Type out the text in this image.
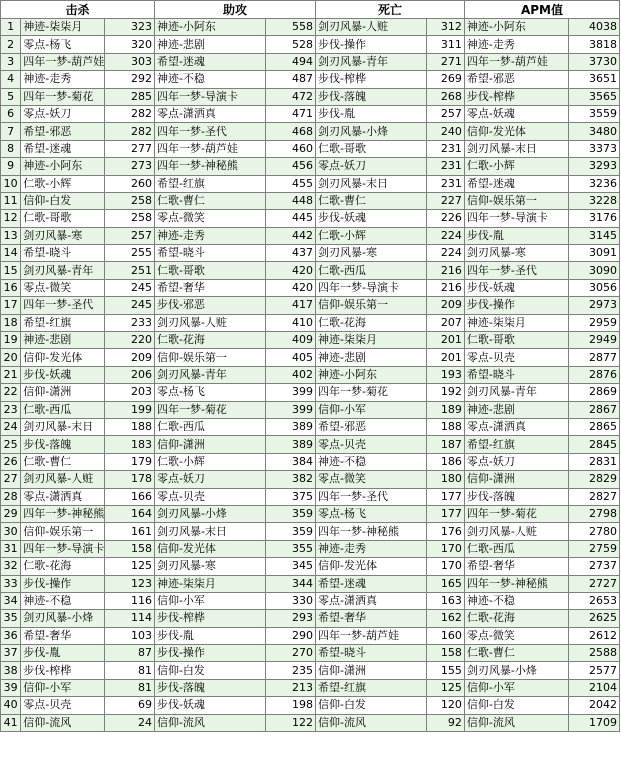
击杀			助攻		死亡		APM值	
1	神迹-柒柒月	323	神迹-小阿东	558	剑刃风暴-人赃	312	神迹-小阿东	4038
2	零点-杨飞	320	神迹-悲剧	528	步伐-操作	311	神迹-走秀	3818
3	四年一梦-葫芦娃	303	希望-迷魂	494	剑刃风暴-青年	271	四年一梦-葫芦娃	3730
4	神迹-走秀	292	神迹-不稳	487	步伐-榨桦	269	希望-邪恶	3651
5	四年一梦-菊花	285	四年一梦-导演卡	472	步伐-落魄	268	步伐-榨桦	3565
6	零点-妖刀	282	零点-潇洒真	471	步伐-胤	257	零点-妖魂	3559
7	希望-邪恶	282	四年一梦-圣代	468	剑刃风暴-小烽	240	信仰-发光体	3480
8	希望-迷魂	277	四年一梦-葫芦娃	460	仁歌-哥歌	231	剑刃风暴-末日	3373
9	神迹-小阿东	273	四年一梦-神秘熊	456	零点-妖刀	231	仁歌-小辉	3293
10	仁歌-小辉	260	希望-红旗	455	剑刃风暴-末日	231	希望-迷魂	3236
11	信仰-白发	258	仁歌-曹仁	448	仁歌-曹仁	227	信仰-娱乐第一	3228
12	仁歌-哥歌	258	零点-微笑	445	步伐-妖魂	226	四年一梦-导演卡	3176
13	剑刃风暴-寒	257	神迹-走秀	442	仁歌-小辉	224	步伐-胤	3145
14	希望-晓斗	255	希望-晓斗	437	剑刃风暴-寒	224	剑刃风暴-寒	3091
15	剑刃风暴-青年	251	仁歌-哥歌	420	仁歌-西瓜	216	四年一梦-圣代	3090
16	零点-微笑	245	希望-奢华	420	四年一梦-导演卡	216	步伐-妖魂	3056
17	四年一梦-圣代	245	步伐-邪恶	417	信仰-娱乐第一	209	步伐-操作	2973
18	希望-红旗	233	剑刃风暴-人赃	410	仁歌-花海	207	神迹-柒柒月	2959
19	神迹-悲剧	220	仁歌-花海	409	神迹-柒柒月	201	仁歌-哥歌	2949
20	信仰-发光体	209	信仰-娱乐第一	405	神迹-悲剧	201	零点-贝壳	2877
21	步伐-妖魂	206	剑刃风暴-青年	402	神迹-小阿东	193	希望-晓斗	2876
22	信仰-潇洲	203	零点-杨飞	399	四年一梦-菊花	192	剑刃风暴-青年	2869
23	仁歌-西瓜	199	四年一梦-菊花	399	信仰-小军	189	神迹-悲剧	2867
24	剑刃风暴-末日	188	仁歌-西瓜	389	希望-邪恶	188	零点-潇洒真	2865
25	步伐-落魄	183	信仰-潇洲	389	零点-贝壳	187	希望-红旗	2845
26	仁歌-曹仁	179	仁歌-小辉	384	神迹-不稳	186	零点-妖刀	2831
27	剑刃风暴-人赃	178	零点-妖刀	382	零点-微笑	180	信仰-潇洲	2829
28	零点-潇洒真	166	零点-贝壳	375	四年一梦-圣代	177	步伐-落魄	2827
29	四年一梦-神秘熊	164	剑刃风暴-小烽	359	零点-杨飞	177	四年一梦-菊花	2798
30	信仰-娱乐第一	161	剑刃风暴-末日	359	四年一梦-神秘熊	176	剑刃风暴-人赃	2780
31	四年一梦-导演卡	158	信仰-发光体	355	神迹-走秀	170	仁歌-西瓜	2759
32	仁歌-花海	125	剑刃风暴-寒	345	信仰-发光体	170	希望-奢华	2737
33	步伐-操作	123	神迹-柒柒月	344	希望-迷魂	165	四年一梦-神秘熊	2727
34	神迹-不稳	116	信仰-小军	330	零点-潇洒真	163	神迹-不稳	2653
35	剑刃风暴-小烽	114	步伐-榨桦	293	希望-奢华	162	仁歌-花海	2625
36	希望-奢华	103	步伐-胤	290	四年一梦-葫芦娃	160	零点-微笑	2612
37	步伐-胤	87	步伐-操作	270	希望-晓斗	158	仁歌-曹仁	2588
38	步伐-榨桦	81	信仰-白发	235	信仰-潇洲	155	剑刃风暴-小烽	2577
39	信仰-小军	81	步伐-落魄	213	希望-红旗	125	信仰-小军	2104
40	零点-贝壳	69	步伐-妖魂	198	信仰-白发	120	信仰-白发	2042
41	信仰-流风	24	信仰-流风	122	信仰-流风	92	信仰-流风	1709
